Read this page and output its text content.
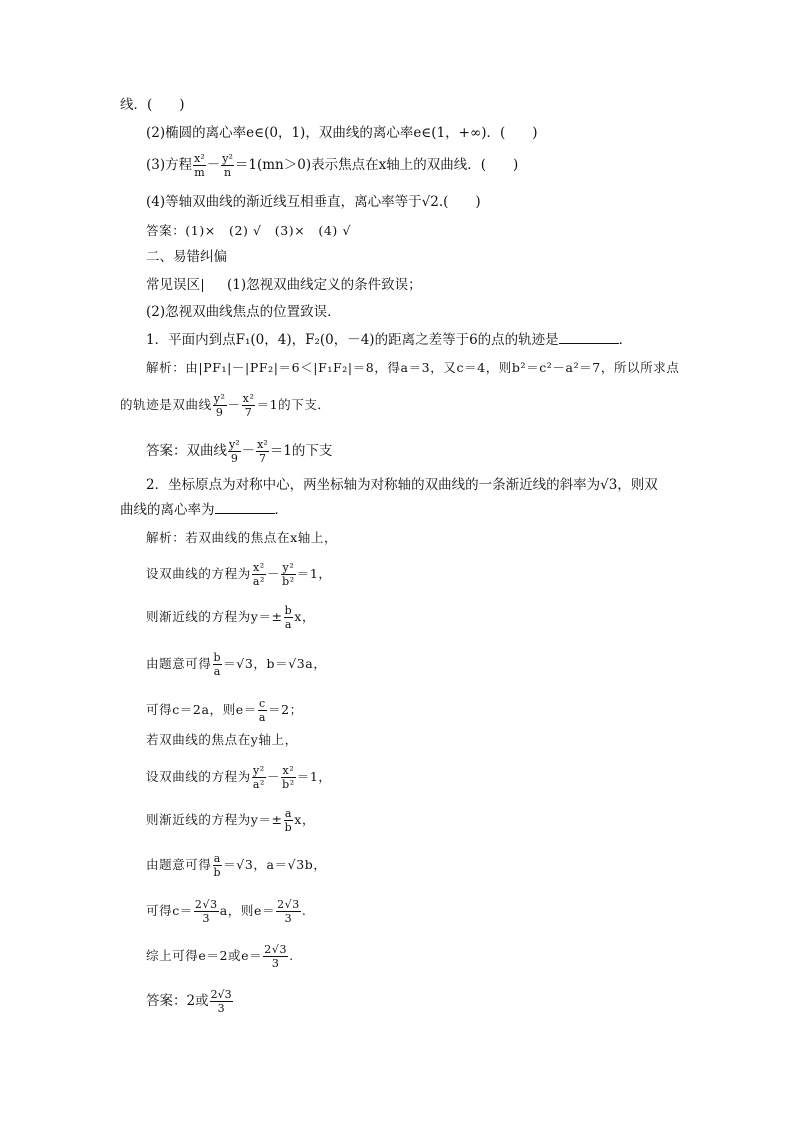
线．(　　)
(2)椭圆的离心率e∈(0，1)，双曲线的离心率e∈(1，+∞)．(　　)
(3)方程 $\frac{\text{x²}}{m} - \frac{\text{y²}}{n} =1(mn>0)$表示焦点在x轴上的双曲线．(　　)
(4)等轴双曲线的渐近线互相垂直，离心率等于√2.(　　)
答案：(1)×　(2) √　(3)×　(4) √
二、易错纠偏
常见误区 (1)忽视双曲线定义的条件致误；
(2)忽视双曲线焦点的位置致误．
1．平面内到点F₁(0，4)，F₂(0，－4)的距离之差等于6的点的轨迹是	．
解析：由|PF₁|－|PF₂|＝6＜|F₁F₂|＝8，得a＝3，又c＝4，则b²＝c²－a²＝7，所以所求点
的轨迹是双曲线 $\frac{\text{y²}}{9} - \frac{\text{x²}}{7} =1$的下支．
答案：双曲线 $\frac{\text{y²}}{9} - \frac{\text{x²}}{7} =1$的下支
2．坐标原点为对称中心，两坐标轴为对称轴的双曲线的一条渐近线的斜率为√3，则双
曲线的离心率为	．
解析：若双曲线的焦点在x轴上，
设双曲线的方程为 $\frac{\text{x²}}{\text{a²}} - \frac{\text{y²}}{\text{b²}} =1$，
则渐近线的方程为$y=\pm \frac{b}{a}$ x，
由题意可得 $\frac{b}{a} =√3$，b＝√3a，
可得c＝2a，则$e= \frac{c}{a} =2$；
若双曲线的焦点在y轴上，
设双曲线的方程为 $\frac{\text{y²}}{\text{a²}} - \frac{\text{x²}}{\text{b²}} =1$，
则渐近线的方程为$y=\pm \frac{a}{b}$ x，
由题意可得 $\frac{a}{b} =√3$，a＝√3b，
可得$c= \frac{2√3}{3}$ a，则$e= \frac{2√3}{3}$ .
综上可得e＝2或$e= \frac{2√3}{3}$ .
答案：2或 $\frac{2√3}{3}$
